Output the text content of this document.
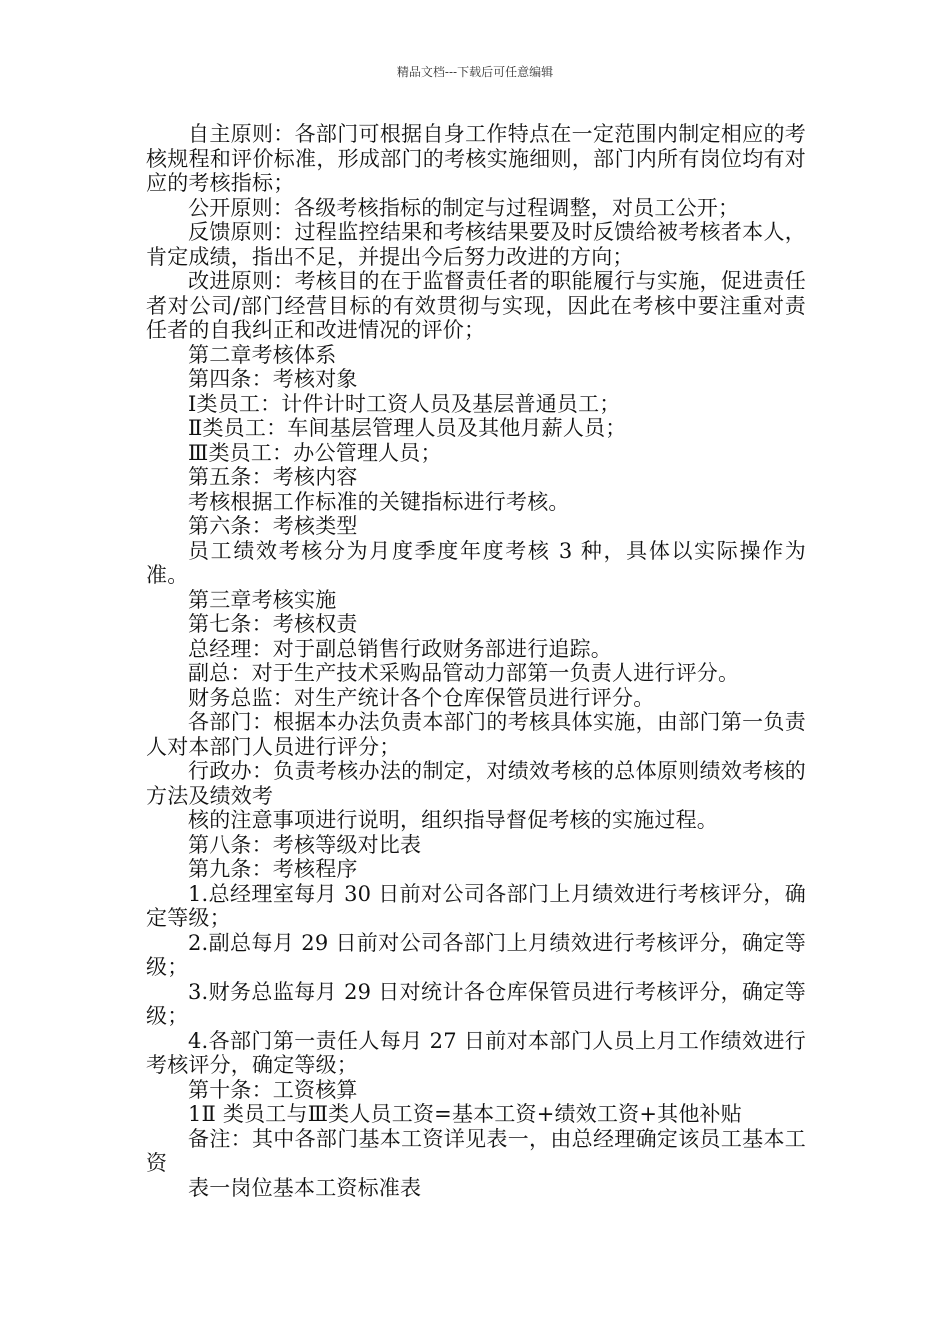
精品文档---下载后可任意编辑

自主原则：各部门可根据自身工作特点在一定范围内制定相应的考核规程和评价标准，形成部门的考核实施细则，部门内所有岗位均有对应的考核指标；

公开原则：各级考核指标的制定与过程调整，对员工公开；

反馈原则：过程监控结果和考核结果要及时反馈给被考核者本人，肯定成绩，指出不足，并提出今后努力改进的方向；

改进原则：考核目的在于监督责任者的职能履行与实施，促进责任者对公司/部门经营目标的有效贯彻与实现，因此在考核中要注重对责任者的自我纠正和改进情况的评价；

第二章考核体系

第四条：考核对象

Ⅰ类员工：计件计时工资人员及基层普通员工；

Ⅱ类员工：车间基层管理人员及其他月薪人员；

Ⅲ类员工：办公管理人员；

第五条：考核内容

考核根据工作标准的关键指标进行考核。

第六条：考核类型

员工绩效考核分为月度季度年度考核 3 种，具体以实际操作为准。

第三章考核实施

第七条：考核权责

总经理：对于副总销售行政财务部进行追踪。

副总：对于生产技术采购品管动力部第一负责人进行评分。

财务总监：对生产统计各个仓库保管员进行评分。

各部门：根据本办法负责本部门的考核具体实施，由部门第一负责人对本部门人员进行评分；

行政办：负责考核办法的制定，对绩效考核的总体原则绩效考核的方法及绩效考

核的注意事项进行说明，组织指导督促考核的实施过程。

第八条：考核等级对比表

第九条：考核程序

1.总经理室每月 30 日前对公司各部门上月绩效进行考核评分，确定等级；

2.副总每月 29 日前对公司各部门上月绩效进行考核评分，确定等级；

3.财务总监每月 29 日对统计各仓库保管员进行考核评分，确定等级；

4.各部门第一责任人每月 27 日前对本部门人员上月工作绩效进行考核评分，确定等级；

第十条：工资核算

1Ⅱ 类员工与Ⅲ类人员工资=基本工资+绩效工资+其他补贴

备注：其中各部门基本工资详见表一，由总经理确定该员工基本工资

表一岗位基本工资标准表
